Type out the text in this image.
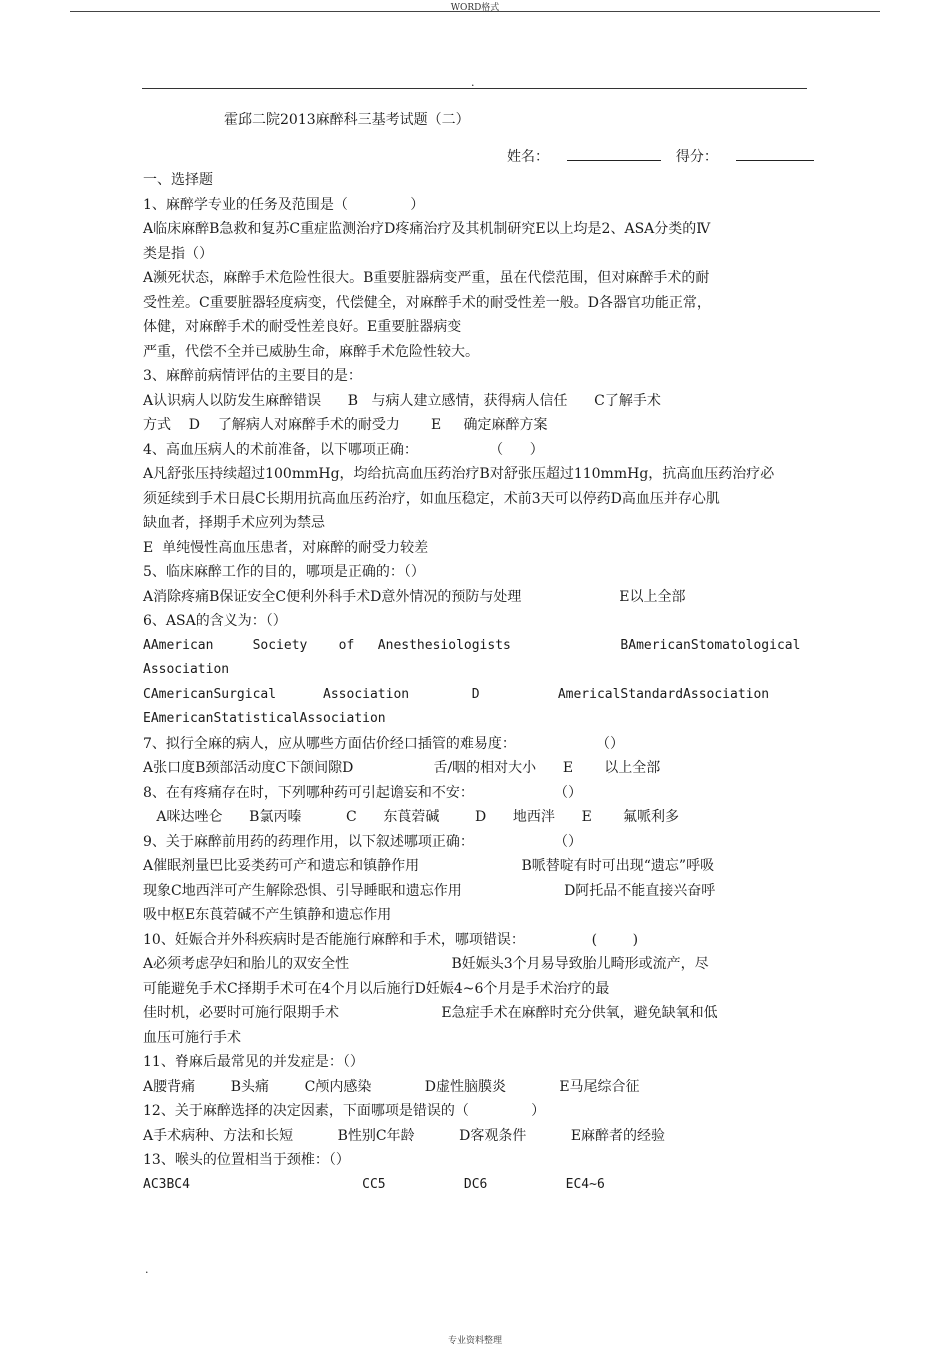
WORD格式
.
霍邱二院2013麻醉科三基考试题（二）
姓名：	得分：
一、选择题
1、麻醉学专业的任务及范围是（              ）
A临床麻醉B急救和复苏C重症监测治疗D疼痛治疗及其机制研究E以上均是2、ASA分类的Ⅳ
类是指（）
A濒死状态，麻醉手术危险性很大。B重要脏器病变严重，虽在代偿范围，但对麻醉手术的耐
受性差。C重要脏器轻度病变，代偿健全，对麻醉手术的耐受性差一般。D各器官功能正常，
体健，对麻醉手术的耐受性差良好。E重要脏器病变
严重，代偿不全并已威胁生命，麻醉手术危险性较大。
3、麻醉前病情评估的主要目的是：
A认识病人以防发生麻醉错误      B   与病人建立感情，获得病人信任      C了解手术
方式    D    了解病人对麻醉手术的耐受力       E     确定麻醉方案
4、高血压病人的术前准备，以下哪项正确：                （      ）
A凡舒张压持续超过100mmHg，均给抗高血压药治疗B对舒张压超过110mmHg，抗高血压药治疗必
须延续到手术日晨C长期用抗高血压药治疗，如血压稳定，术前3天可以停药D高血压并存心肌
缺血者，择期手术应列为禁忌
E  单纯慢性高血压患者，对麻醉的耐受力较差
5、临床麻醉工作的目的，哪项是正确的：（）
A消除疼痛B保证安全C便利外科手术D意外情况的预防与处理                      E以上全部
6、ASA的含义为：（）
AAmerican     Society    of   Anesthesiologists              BAmericanStomatological
Association
CAmericanSurgical      Association        D          AmericalStandardAssociation
EAmericanStatisticalAssociation
7、拟行全麻的病人，应从哪些方面估价经口插管的难易度：                  （）
A张口度B颈部活动度C下颌间隙D                  舌/咽的相对大小      E       以上全部
8、在有疼痛存在时，下列哪种药可引起谵妄和不安：                  （）
A咪达唑仑      B氯丙嗪          C      东莨菪碱        D      地西泮      E       氟哌利多
9、关于麻醉前用药的药理作用，以下叙述哪项正确：                  （）
A催眠剂量巴比妥类药可产和遗忘和镇静作用                       B哌替啶有时可出现“遗忘”呼吸
现象C地西泮可产生解除恐惧、引导睡眠和遗忘作用                       D阿托品不能直接兴奋呼
吸中枢E东莨菪碱不产生镇静和遗忘作用
10、妊娠合并外科疾病时是否能施行麻醉和手术，哪项错误：               (        )
A必须考虑孕妇和胎儿的双安全性                       B妊娠头3个月易导致胎儿畸形或流产，尽
可能避免手术C择期手术可在4个月以后施行D妊娠4~6个月是手术治疗的最
佳时机，必要时可施行限期手术                       E急症手术在麻醉时充分供氧，避免缺氧和低
血压可施行手术
11、脊麻后最常见的并发症是：（）
A腰背痛        B头痛        C颅内感染            D虚性脑膜炎            E马尾综合征
12、关于麻醉选择的决定因素，下面哪项是错误的（              ）
A手术病种、方法和长短          B性别C年龄          D客观条件          E麻醉者的经验
13、喉头的位置相当于颈椎：（）
AC3BC4                      CC5          DC6          EC4~6
.
专业资料整理
